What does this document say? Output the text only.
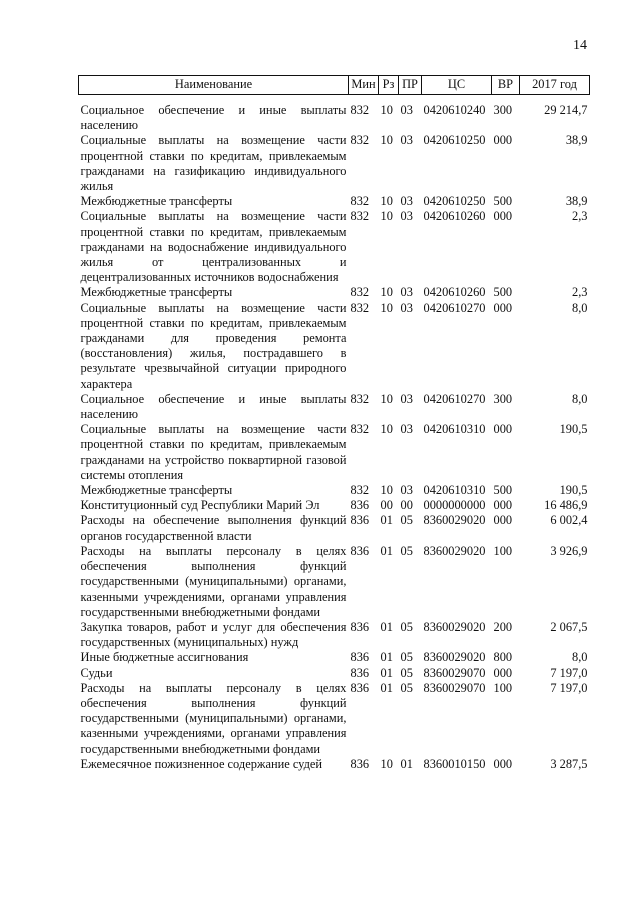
14
Наименование	Мин	Рз	ПР	ЦС	ВР	2017 год
Социальное обеспечение и иные выплаты населению	832	10	03	0420610240	300	29 214,7
Социальные выплаты на возмещение части процентной ставки по кредитам, привлекаемым гражданами на газификацию индивидуального жилья	832	10	03	0420610250	000	38,9
Межбюджетные трансферты	832	10	03	0420610250	500	38,9
Социальные выплаты на возмещение части процентной ставки по кредитам, привлекаемым гражданами на водоснабжение индивидуального жилья от централизованных и децентрализованных источников водоснабжения	832	10	03	0420610260	000	2,3
Межбюджетные трансферты	832	10	03	0420610260	500	2,3
Социальные выплаты на возмещение части процентной ставки по кредитам, привлекаемым гражданами для проведения ремонта (восстановления) жилья, пострадавшего в результате чрезвычайной ситуации природного характера	832	10	03	0420610270	000	8,0
Социальное обеспечение и иные выплаты населению	832	10	03	0420610270	300	8,0
Социальные выплаты на возмещение части процентной ставки по кредитам, привлекаемым гражданами на устройство поквартирной газовой системы отопления	832	10	03	0420610310	000	190,5
Межбюджетные трансферты	832	10	03	0420610310	500	190,5
Конституционный суд Республики Марий Эл	836	00	00	0000000000	000	16 486,9
Расходы на обеспечение выполнения функций органов государственной власти	836	01	05	8360029020	000	6 002,4
Расходы на выплаты персоналу в целях обеспечения выполнения функций государственными (муниципальными) органами, казенными учреждениями, органами управления государственными внебюджетными фондами	836	01	05	8360029020	100	3 926,9
Закупка товаров, работ и услуг для обеспечения государственных (муниципальных) нужд	836	01	05	8360029020	200	2 067,5
Иные бюджетные ассигнования	836	01	05	8360029020	800	8,0
Судьи	836	01	05	8360029070	000	7 197,0
Расходы на выплаты персоналу в целях обеспечения выполнения функций государственными (муниципальными) органами, казенными учреждениями, органами управления государственными внебюджетными фондами	836	01	05	8360029070	100	7 197,0
Ежемесячное пожизненное содержание судей	836	10	01	8360010150	000	3 287,5
